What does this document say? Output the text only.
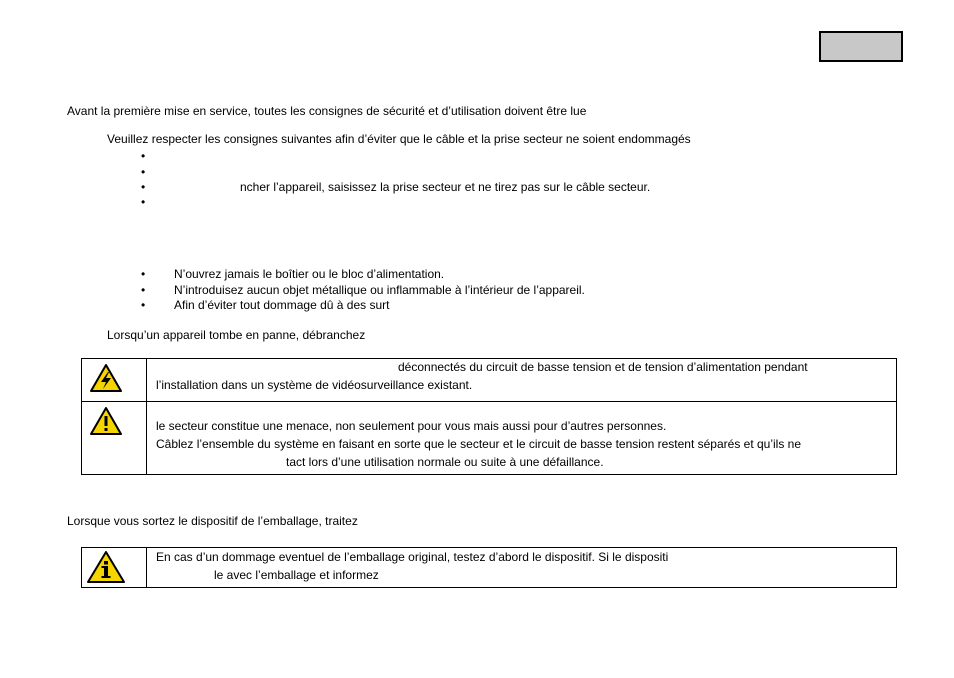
Avant la première mise en service, toutes les consignes de sécurité et d’utilisation doivent être lue
Veuillez respecter les consignes suivantes afin d’éviter que le câble et la prise secteur ne soient endommagés
•
•
•	ncher l’appareil, saisissez la prise secteur et ne tirez pas sur le câble secteur.
•
• N’ouvrez jamais le boîtier ou le bloc d’alimentation.
• N’introduisez aucun objet métallique ou inflammable à l’intérieur de l’appareil.
• Afin d’éviter tout dommage dû à des surt
Lorsqu’un appareil tombe en panne, débranchez
déconnectés du circuit de basse tension et de tension d’alimentation pendant
l’installation dans un système de vidéosurveillance existant.
le secteur constitue une menace, non seulement pour vous mais aussi pour d’autres personnes.
Câblez l’ensemble du système en faisant en sorte que le secteur et le circuit de basse tension restent séparés et qu’ils ne
tact lors d’une utilisation normale ou suite à une défaillance.
Lorsque vous sortez le dispositif de l’emballage, traitez
En cas d’un dommage eventuel de l’emballage original, testez d’abord le dispositif. Si le dispositi
le avec l’emballage et informez
